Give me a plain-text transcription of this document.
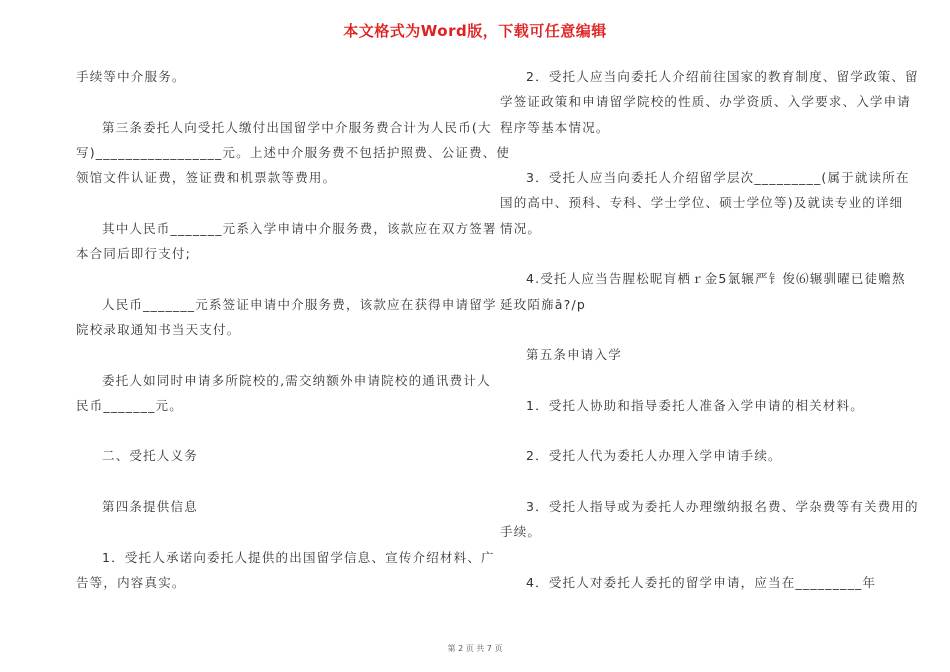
本文格式为Word版，下载可任意编辑
手续等中介服务。
第三条委托人向受托人缴付出国留学中介服务费合计为人民币(大
写)_________________元。上述中介服务费不包括护照费、公证费、使
领馆文件认证费，签证费和机票款等费用。
其中人民币_______元系入学申请中介服务费，该款应在双方签署
本合同后即行支付;
人民币_______元系签证申请中介服务费，该款应在获得申请留学
院校录取通知书当天支付。
委托人如同时申请多所院校的,需交纳额外申请院校的通讯费计人
民币_______元。
二、受托人义务
第四条提供信息
1．受托人承诺向委托人提供的出国留学信息、宣传介绍材料、广
告等，内容真实。
2．受托人应当向委托人介绍前往国家的教育制度、留学政策、留
学签证政策和申请留学院校的性质、办学资质、入学要求、入学申请
程序等基本情况。
3．受托人应当向委托人介绍留学层次_________(属于就读所在
国的高中、预科、专科、学士学位、硕士学位等)及就读专业的详细
情况。
4.受托人应当告腥松昵肓栖ｒ金5氯辗严钅俊⑹辗驯曜已徒赡熬
延玫陌旆ā?/p
第五条申请入学
1．受托人协助和指导委托人准备入学申请的相关材料。
2．受托人代为委托人办理入学申请手续。
3．受托人指导或为委托人办理缴纳报名费、学杂费等有关费用的
手续。
4．受托人对委托人委托的留学申请，应当在_________年
第 2 页 共 7 页
